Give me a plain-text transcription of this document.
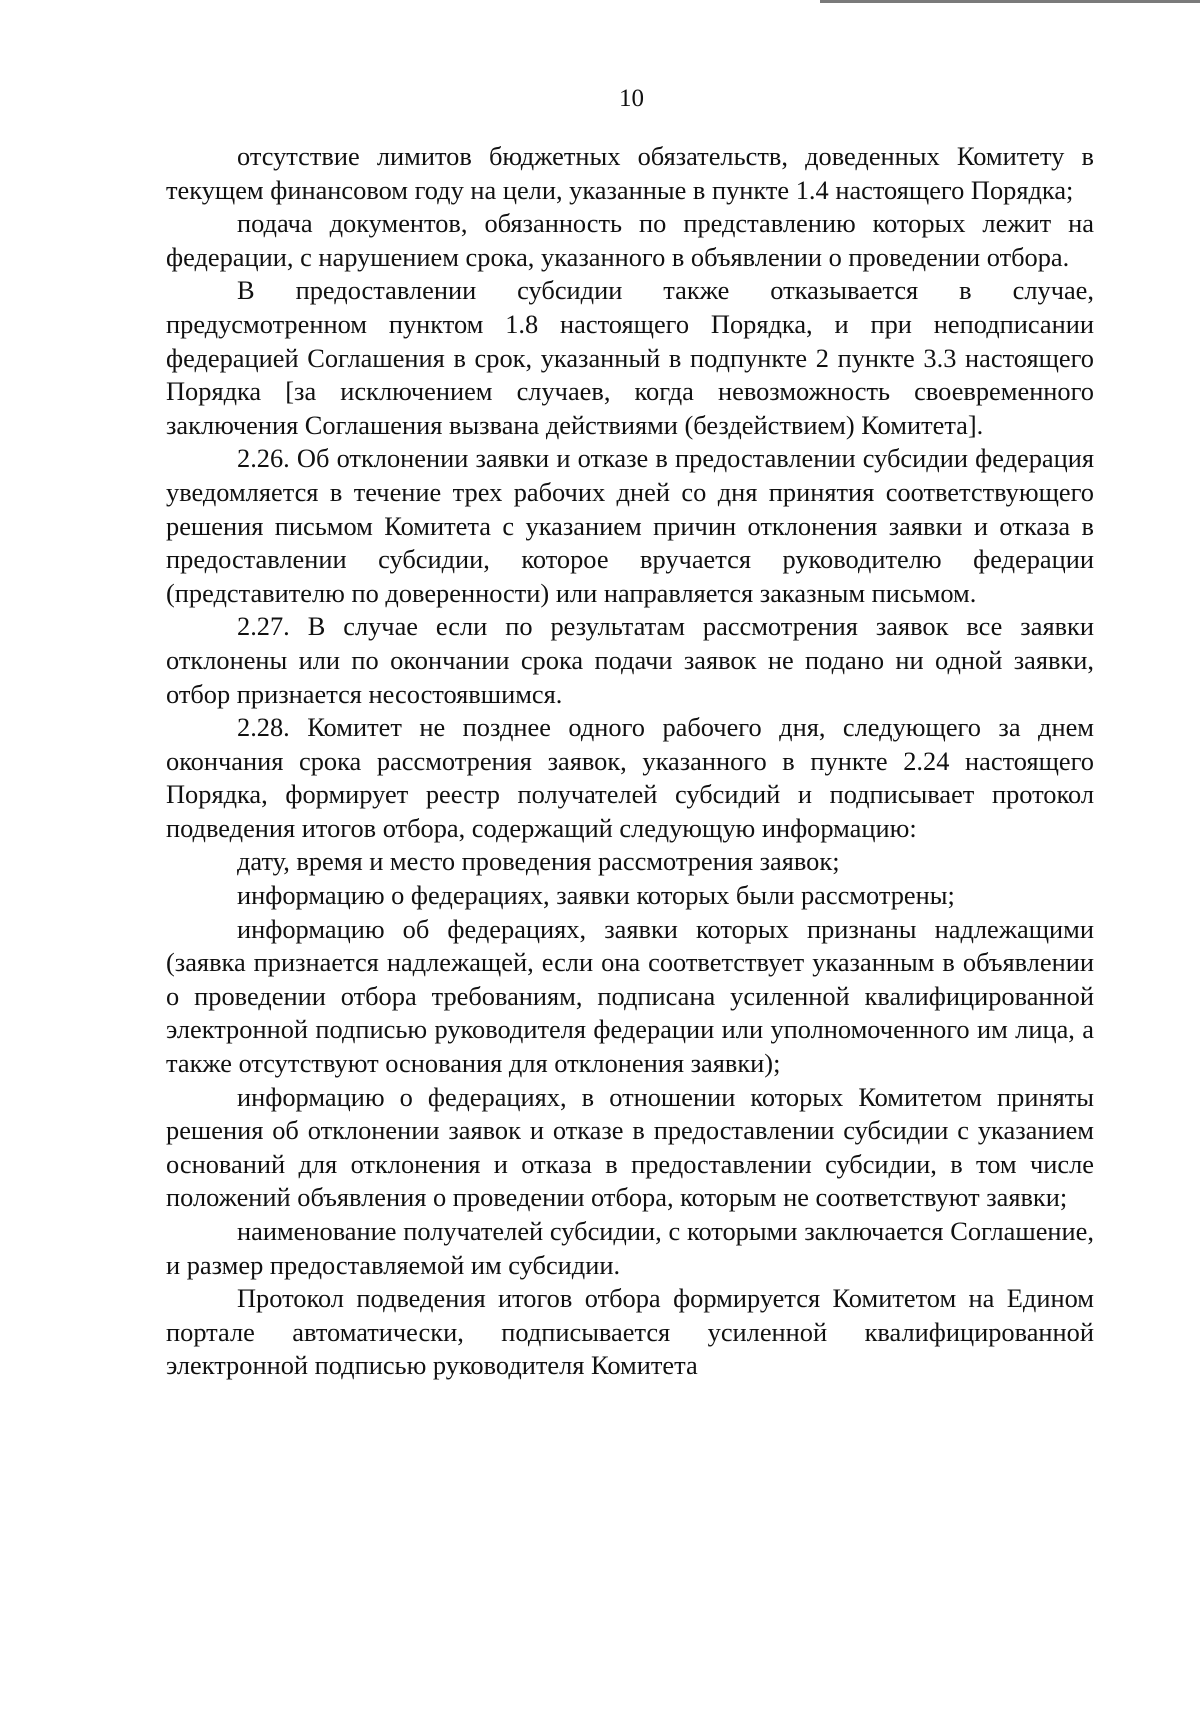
10

отсутствие лимитов бюджетных обязательств, доведенных Комитету в текущем финансовом году на цели, указанные в пункте 1.4 настоящего Порядка;

подача документов, обязанность по представлению которых лежит на федерации, с нарушением срока, указанного в объявлении о проведении отбора.

В предоставлении субсидии также отказывается в случае, предусмотренном пунктом 1.8 настоящего Порядка, и при неподписании федерацией Соглашения в срок, указанный в подпункте 2 пункте 3.3 настоящего Порядка [за исключением случаев, когда невозможность своевременного заключения Соглашения вызвана действиями (бездействием) Комитета].

2.26. Об отклонении заявки и отказе в предоставлении субсидии федерация уведомляется в течение трех рабочих дней со дня принятия соответствующего решения письмом Комитета с указанием причин отклонения заявки и отказа в предоставлении субсидии, которое вручается руководителю федерации (представителю по доверенности) или направляется заказным письмом.

2.27. В случае если по результатам рассмотрения заявок все заявки отклонены или по окончании срока подачи заявок не подано ни одной заявки, отбор признается несостоявшимся.

2.28. Комитет не позднее одного рабочего дня, следующего за днем окончания срока рассмотрения заявок, указанного в пункте 2.24 настоящего Порядка, формирует реестр получателей субсидий и подписывает протокол подведения итогов отбора, содержащий следующую информацию:

дату, время и место проведения рассмотрения заявок;

информацию о федерациях, заявки которых были рассмотрены;

информацию об федерациях, заявки которых признаны надлежащими (заявка признается надлежащей, если она соответствует указанным в объявлении о проведении отбора требованиям, подписана усиленной квалифицированной электронной подписью руководителя федерации или уполномоченного им лица, а также отсутствуют основания для отклонения заявки);

информацию о федерациях, в отношении которых Комитетом приняты решения об отклонении заявок и отказе в предоставлении субсидии с указанием оснований для отклонения и отказа в предоставлении субсидии, в том числе положений объявления о проведении отбора, которым не соответствуют заявки;

наименование получателей субсидии, с которыми заключается Соглашение, и размер предоставляемой им субсидии.

Протокол подведения итогов отбора формируется Комитетом на Едином портале автоматически, подписывается усиленной квалифицированной электронной подписью руководителя Комитета
